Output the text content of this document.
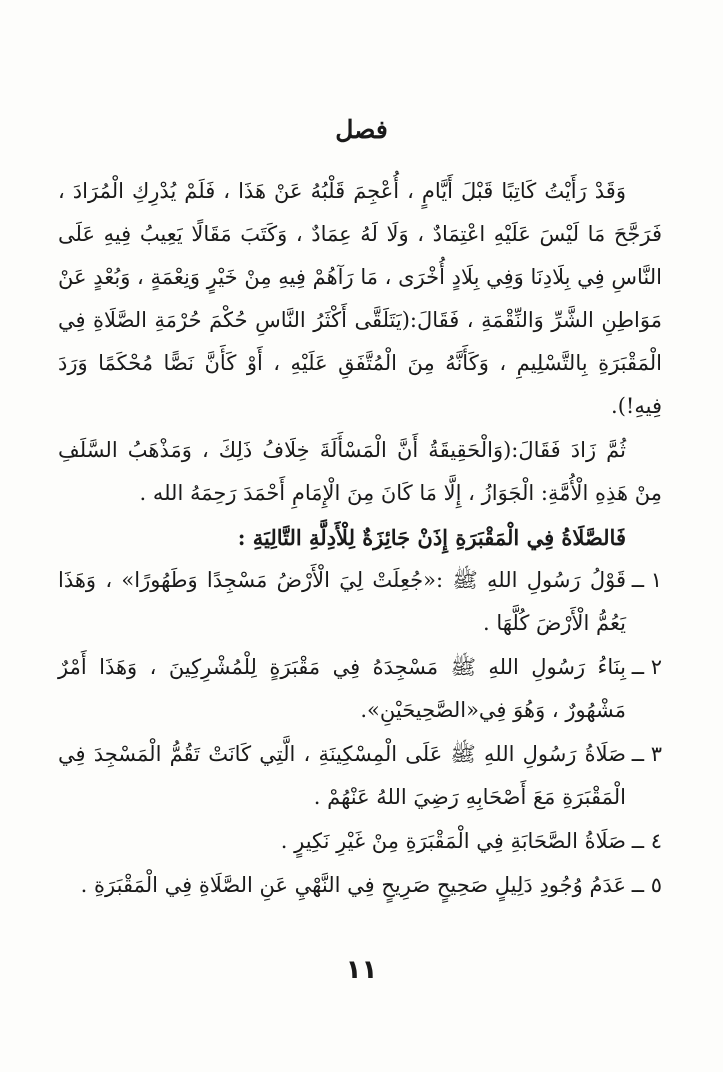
فصل

وَقَدْ رَأَيْتُ كَاتِبًا قَبْلَ أَيَّامٍ ، أُعْجِمَ قَلْبُهُ عَنْ هَذَا ، فَلَمْ يُدْرِكِ الْمُرَادَ ، فَرَجَّحَ مَا لَيْسَ عَلَيْهِ اعْتِمَادٌ ، وَلَا لَهُ عِمَادٌ ، وَكَتَبَ مَقَالًا يَعِيبُ فِيهِ عَلَى النَّاسِ فِي بِلَادِنَا وَفِي بِلَادٍ أُخْرَى ، مَا رَآهُمْ فِيهِ مِنْ خَيْرٍ وَنِعْمَةٍ ، وَبُعْدٍ عَنْ مَوَاطِنِ الشَّرِّ وَالنِّقْمَةِ ، فَقَالَ:(يَتَلَقَّى أَكْثَرُ النَّاسِ حُكْمَ حُرْمَةِ الصَّلَاةِ فِي الْمَقْبَرَةِ بِالتَّسْلِيمِ ، وَكَأَنَّهُ مِنَ الْمُتَّفَقِ عَلَيْهِ ، أَوْ كَأَنَّ نَصًّا مُحْكَمًا وَرَدَ فِيهِ!).

ثُمَّ زَادَ فَقَالَ:(وَالْحَقِيقَةُ أَنَّ الْمَسْأَلَةَ خِلَافُ ذَلِكَ ، وَمَذْهَبُ السَّلَفِ مِنْ هَذِهِ الْأُمَّةِ: الْجَوَازُ ، إِلَّا مَا كَانَ مِنَ الْإِمَامِ أَحْمَدَ رَحِمَهُ الله .

فَالصَّلَاةُ فِي الْمَقْبَرَةِ إِذَنْ جَائِزَةٌ لِلْأَدِلَّةِ التَّالِيَةِ :

١ ــ
قَوْلُ رَسُولِ اللهِ ﷺ :«جُعِلَتْ لِيَ الْأَرْضُ مَسْجِدًا وَطَهُورًا» ، وَهَذَا يَعُمُّ الْأَرْضَ كُلَّهَا .
٢ ــ
بِنَاءُ رَسُولِ اللهِ ﷺ مَسْجِدَهُ فِي مَقْبَرَةٍ لِلْمُشْرِكِينَ ، وَهَذَا أَمْرٌ مَشْهُورٌ ، وَهُوَ فِي«الصَّحِيحَيْنِ».
٣ ــ
صَلَاةُ رَسُولِ اللهِ ﷺ عَلَى الْمِسْكِينَةِ ، الَّتِي كَانَتْ تَقُمُّ الْمَسْجِدَ فِي الْمَقْبَرَةِ مَعَ أَصْحَابِهِ رَضِيَ اللهُ عَنْهُمْ .
٤ ــ
صَلَاةُ الصَّحَابَةِ فِي الْمَقْبَرَةِ مِنْ غَيْرِ نَكِيرٍ .
٥ ــ
عَدَمُ وُجُودِ دَلِيلٍ صَحِيحٍ صَرِيحٍ فِي النَّهْيِ عَنِ الصَّلَاةِ فِي الْمَقْبَرَةِ .
١١
